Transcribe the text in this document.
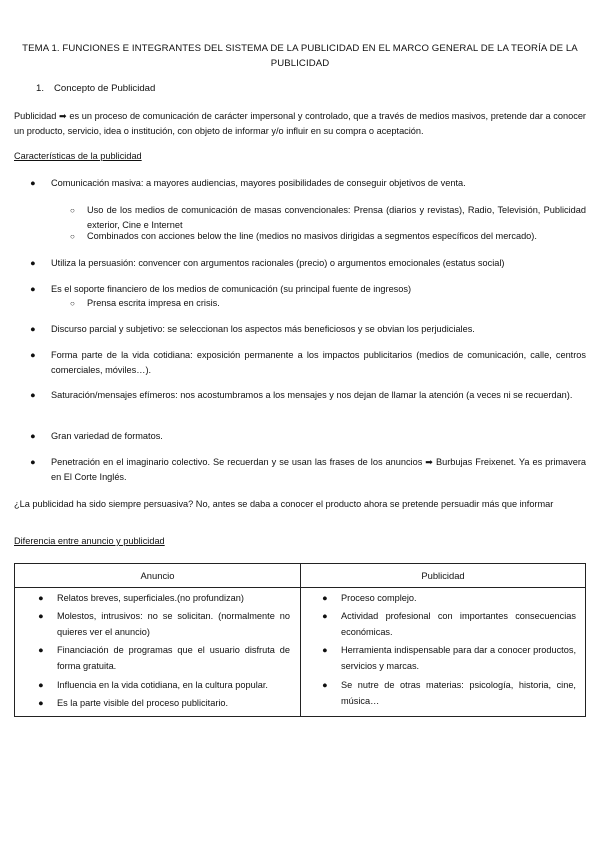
TEMA 1. FUNCIONES E INTEGRANTES DEL SISTEMA DE LA PUBLICIDAD EN EL MARCO GENERAL DE LA TEORÍA DE LA PUBLICIDAD
1. Concepto de Publicidad
Publicidad ➡ es un proceso de comunicación de carácter impersonal y controlado, que a través de medios masivos, pretende dar a conocer un producto, servicio, idea o institución, con objeto de informar y/o influir en su compra o aceptación.
Características de la publicidad
● Comunicación masiva: a mayores audiencias, mayores posibilidades de conseguir objetivos de venta.
○ Uso de los medios de comunicación de masas convencionales: Prensa (diarios y revistas), Radio, Televisión, Publicidad exterior, Cine e Internet
○ Combinados con acciones below the line (medios no masivos dirigidas a segmentos específicos del mercado).
● Utiliza la persuasión: convencer con argumentos racionales (precio) o argumentos emocionales (estatus social)
● Es el soporte financiero de los medios de comunicación (su principal fuente de ingresos)
○ Prensa escrita impresa en crisis.
● Discurso parcial y subjetivo: se seleccionan los aspectos más beneficiosos y se obvian los perjudiciales.
● Forma parte de la vida cotidiana: exposición permanente a los impactos publicitarios (medios de comunicación, calle, centros comerciales, móviles…).
● Saturación/mensajes efímeros: nos acostumbramos a los mensajes y nos dejan de llamar la atención (a veces ni se recuerdan).
● Gran variedad de formatos.
● Penetración en el imaginario colectivo. Se recuerdan y se usan las frases de los anuncios ➡ Burbujas Freixenet. Ya es primavera en El Corte Inglés.
¿La publicidad ha sido siempre persuasiva? No, antes se daba a conocer el producto ahora se pretende persuadir más que informar
Diferencia entre anuncio y publicidad
Anuncio	Publicidad
● Relatos breves, superficiales.(no profundizan)
● Molestos, intrusivos: no se solicitan. (normalmente no quieres ver el anuncio)
● Financiación de programas que el usuario disfruta de forma gratuita.
● Influencia en la vida cotidiana, en la cultura popular.
● Es la parte visible del proceso publicitario.
● Proceso complejo.
● Actividad profesional con importantes consecuencias económicas.
● Herramienta indispensable para dar a conocer productos, servicios y marcas.
● Se nutre de otras materias: psicología, historia, cine, música…
